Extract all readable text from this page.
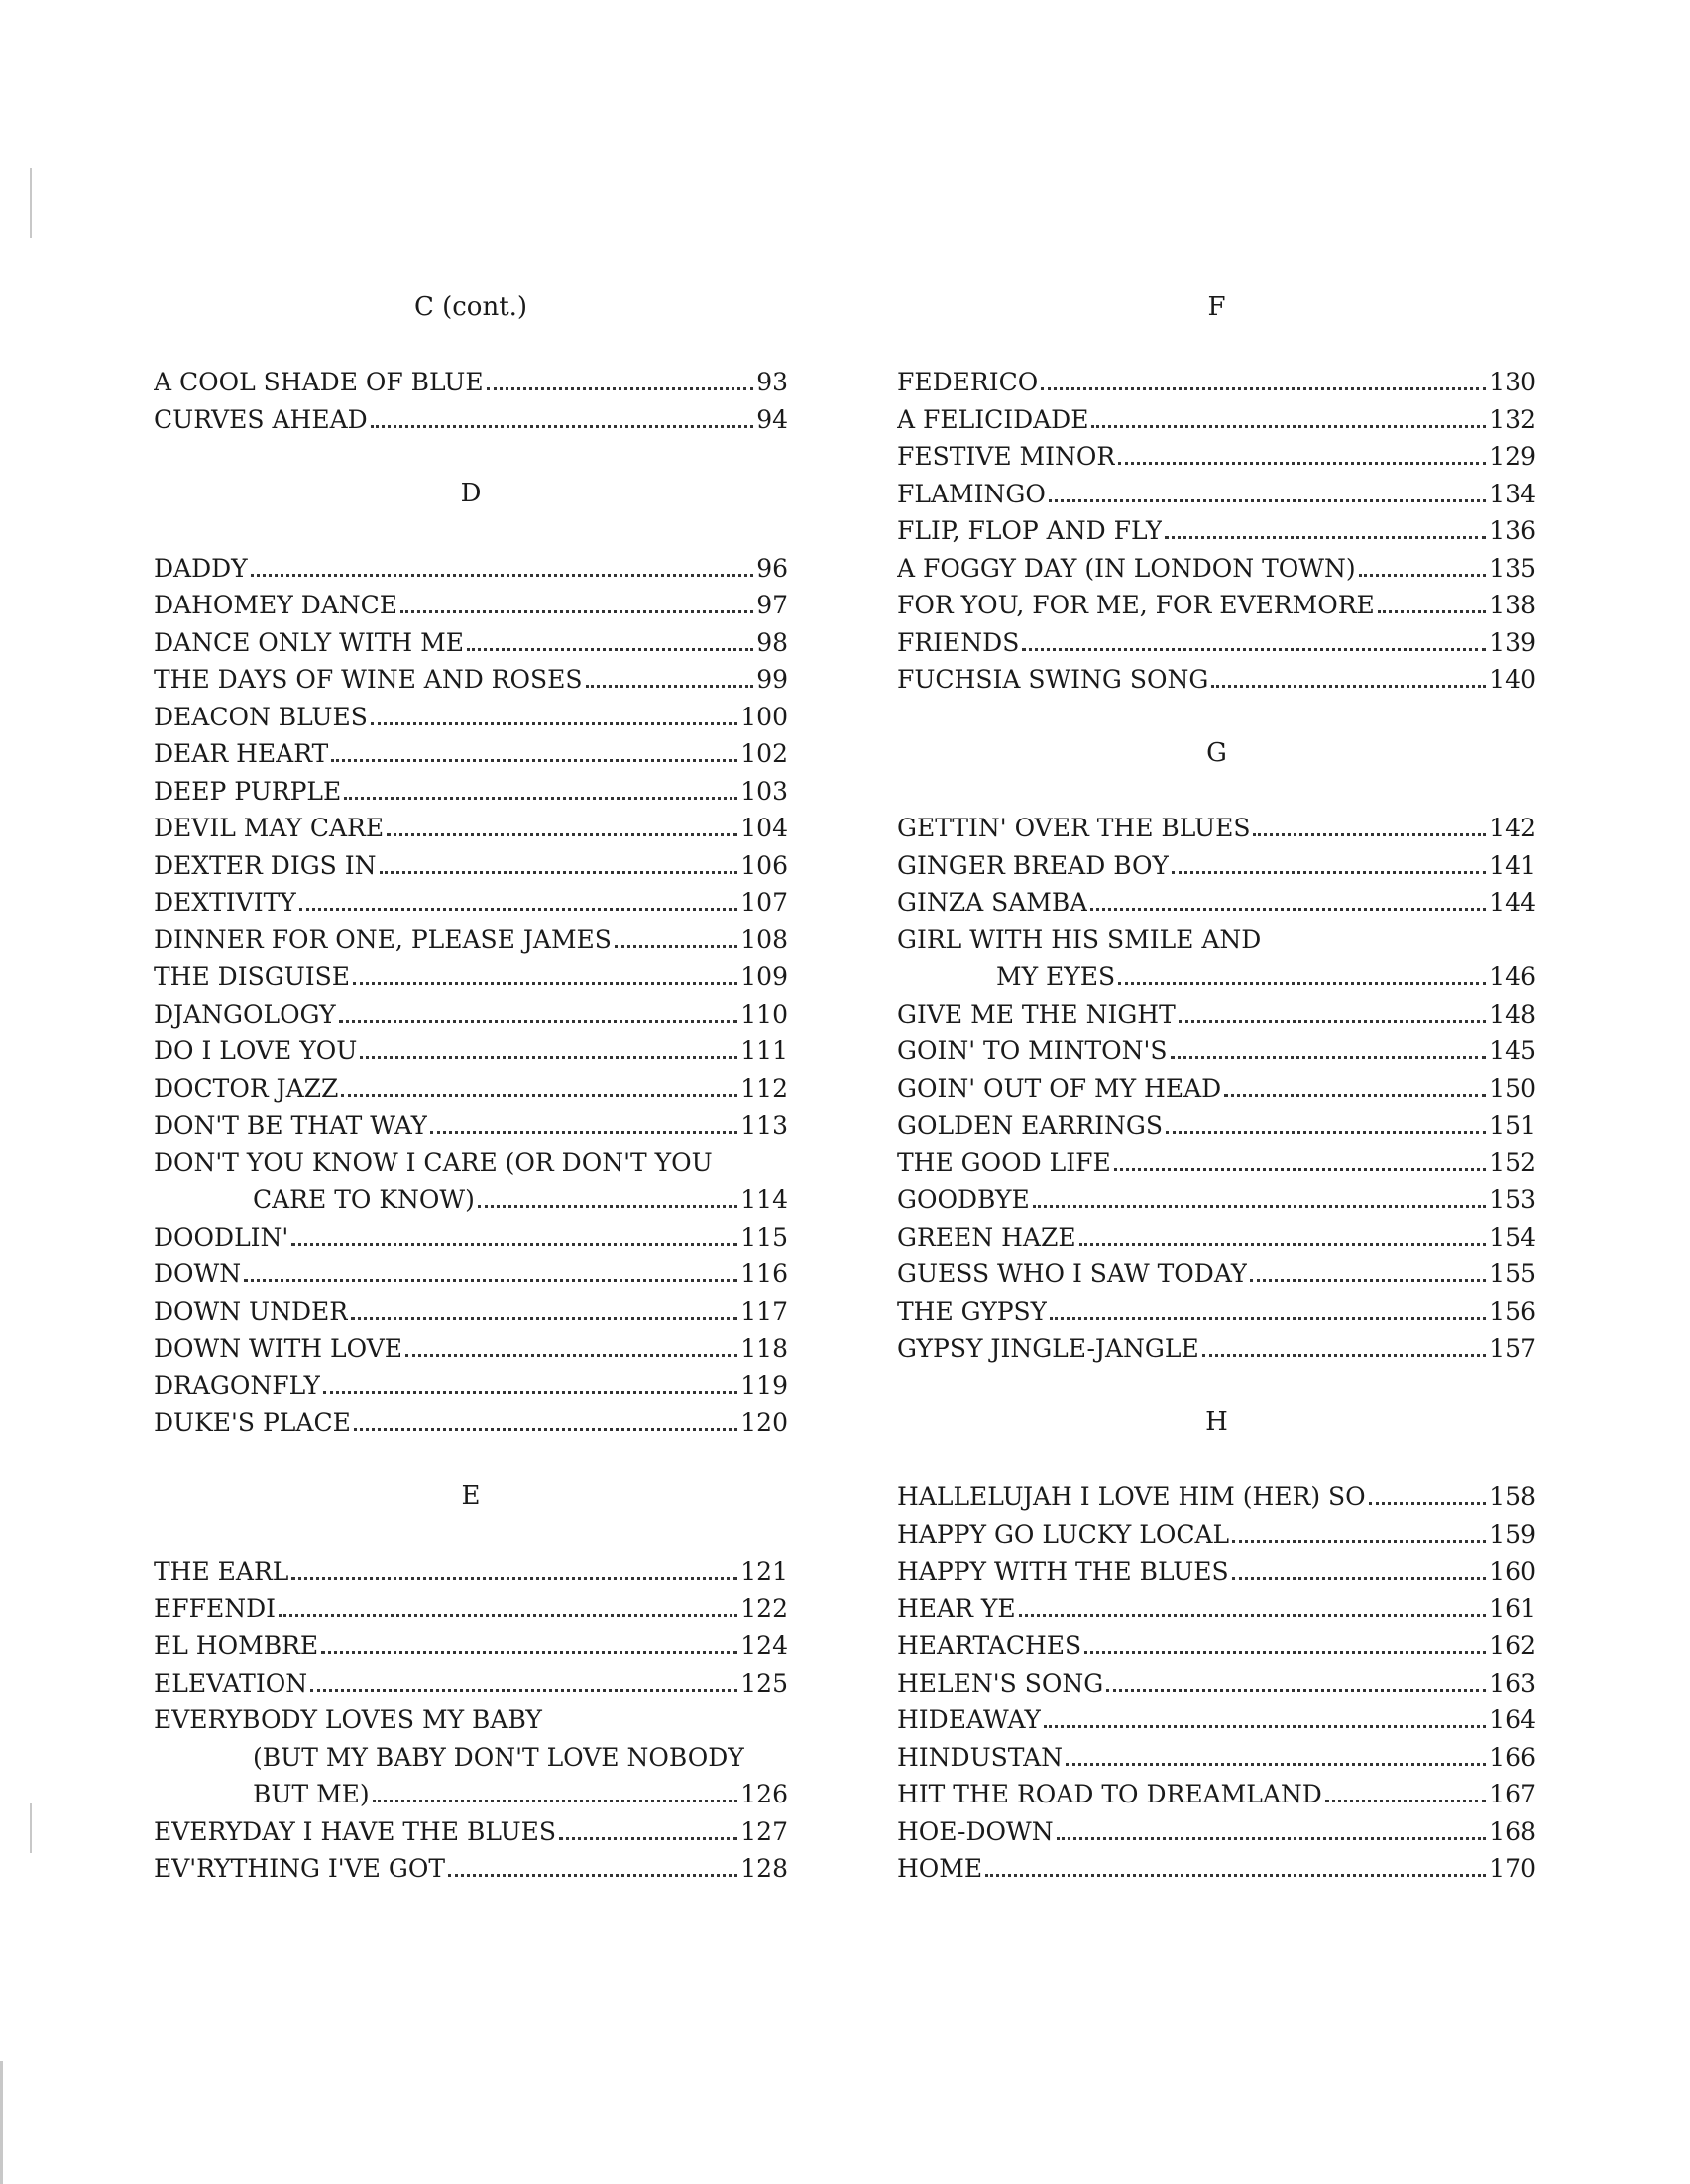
C (cont.)
A COOL SHADE OF BLUE	93
CURVES AHEAD	94
D
DADDY	96
DAHOMEY DANCE	97
DANCE ONLY WITH ME	98
THE DAYS OF WINE AND ROSES	99
DEACON BLUES	100
DEAR HEART	102
DEEP PURPLE	103
DEVIL MAY CARE	104
DEXTER DIGS IN	106
DEXTIVITY	107
DINNER FOR ONE, PLEASE JAMES	108
THE DISGUISE	109
DJANGOLOGY	110
DO I LOVE YOU	111
DOCTOR JAZZ	112
DON'T BE THAT WAY	113
DON'T YOU KNOW I CARE (OR DON'T YOU
CARE TO KNOW)	114
DOODLIN'	115
DOWN	116
DOWN UNDER	117
DOWN WITH LOVE	118
DRAGONFLY	119
DUKE'S PLACE	120
E
THE EARL	121
EFFENDI	122
EL HOMBRE	124
ELEVATION	125
EVERYBODY LOVES MY BABY
(BUT MY BABY DON'T LOVE NOBODY
BUT ME)	126
EVERYDAY I HAVE THE BLUES	127
EV'RYTHING I'VE GOT	128
F
FEDERICO	130
A FELICIDADE	132
FESTIVE MINOR	129
FLAMINGO	134
FLIP, FLOP AND FLY	136
A FOGGY DAY (IN LONDON TOWN)	135
FOR YOU, FOR ME, FOR EVERMORE	138
FRIENDS	139
FUCHSIA SWING SONG	140
G
GETTIN' OVER THE BLUES	142
GINGER BREAD BOY	141
GINZA SAMBA	144
GIRL WITH HIS SMILE AND
MY EYES	146
GIVE ME THE NIGHT	148
GOIN' TO MINTON'S	145
GOIN' OUT OF MY HEAD	150
GOLDEN EARRINGS	151
THE GOOD LIFE	152
GOODBYE	153
GREEN HAZE	154
GUESS WHO I SAW TODAY	155
THE GYPSY	156
GYPSY JINGLE-JANGLE	157
H
HALLELUJAH I LOVE HIM (HER) SO	158
HAPPY GO LUCKY LOCAL	159
HAPPY WITH THE BLUES	160
HEAR YE	161
HEARTACHES	162
HELEN'S SONG	163
HIDEAWAY	164
HINDUSTAN	166
HIT THE ROAD TO DREAMLAND	167
HOE-DOWN	168
HOME	170
